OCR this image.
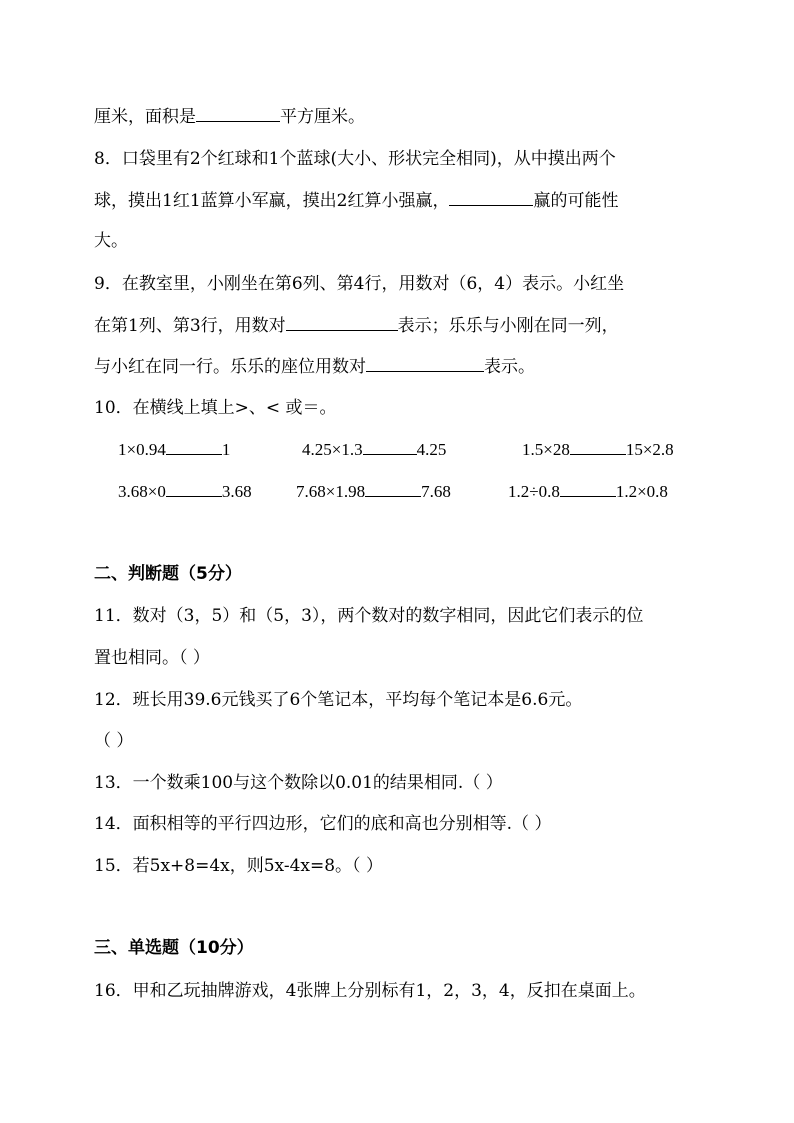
厘米，面积是	平方厘米。
8．口袋里有2个红球和1个蓝球(大小、形状完全相同)，从中摸出两个
球，摸出1红1蓝算小军赢，摸出2红算小强赢，	赢的可能性
大。
9．在教室里，小刚坐在第6列、第4行，用数对（6，4）表示。小红坐
在第1列、第3行，用数对	表示；乐乐与小刚在同一列，
与小红在同一行。乐乐的座位用数对	表示。
10．在横线上填上>、< 或＝。
1×0.94	1	4.25×1.3	4.25	1.5×28	15×2.8
3.68×0	3.68	7.68×1.98	7.68	1.2÷0.8	1.2×0.8
二、判断题（5分）
11．数对（3，5）和（5，3），两个数对的数字相同，因此它们表示的位
置也相同。（ ）
12．班长用39.6元钱买了6个笔记本，平均每个笔记本是6.6元。
（ ）
13．一个数乘100与这个数除以0.01的结果相同.（ ）
14．面积相等的平行四边形，它们的底和高也分别相等.（ ）
15．若5x+8=4x，则5x-4x=8。（ ）
三、单选题（10分）
16．甲和乙玩抽牌游戏，4张牌上分别标有1，2，3，4，反扣在桌面上。
